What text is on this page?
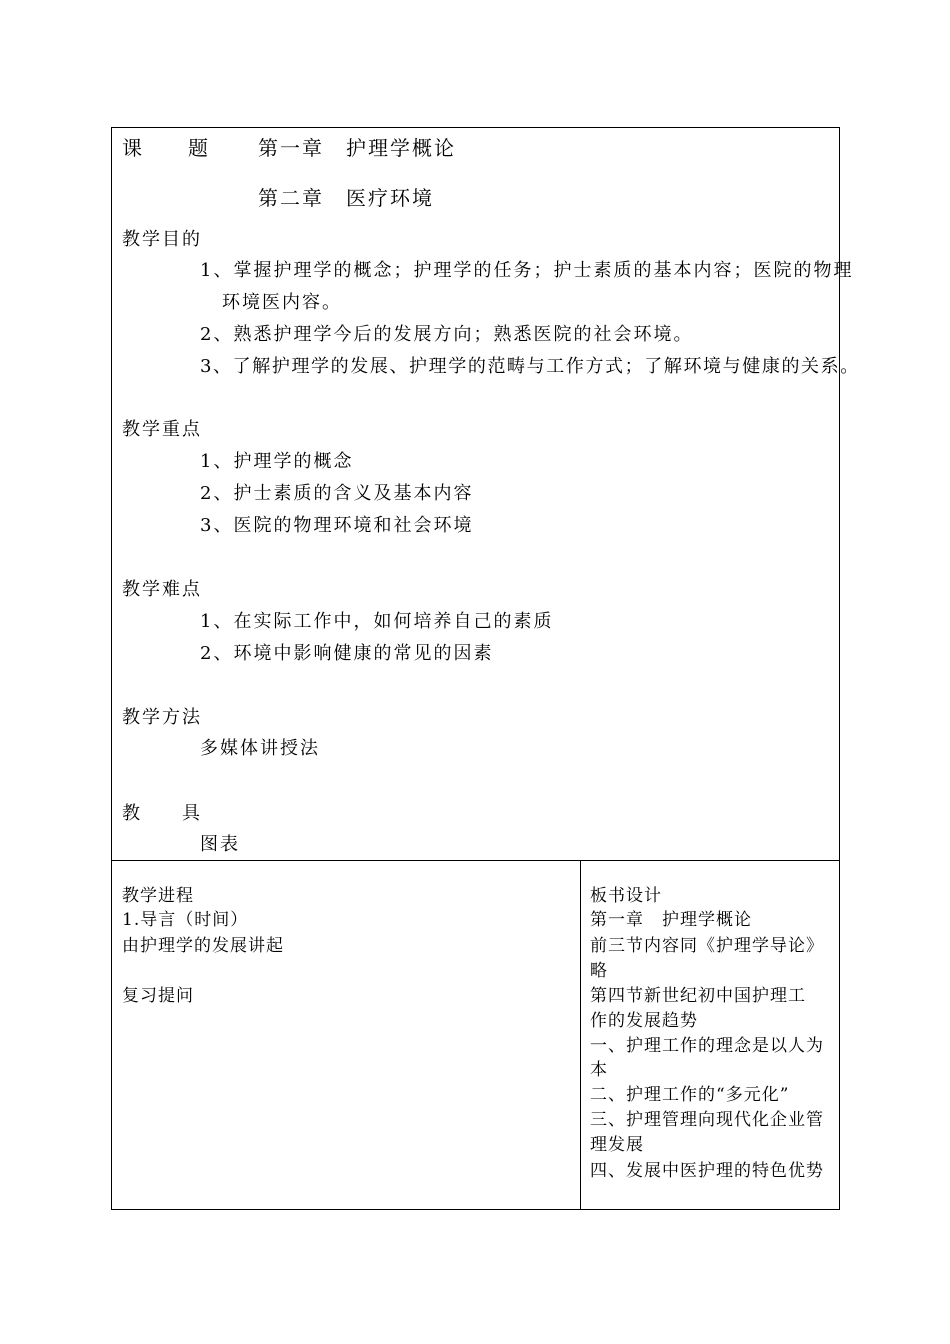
课　　题 第一章　护理学概论
第二章　医疗环境
教学目的
1、掌握护理学的概念；护理学的任务；护士素质的基本内容；医院的物理
环境医内容。
2、熟悉护理学今后的发展方向；熟悉医院的社会环境。
3、了解护理学的发展、护理学的范畴与工作方式；了解环境与健康的关系。
教学重点
1、护理学的概念
2、护士素质的含义及基本内容
3、医院的物理环境和社会环境
教学难点
1、在实际工作中，如何培养自己的素质
2、环境中影响健康的常见的因素
教学方法
多媒体讲授法
教　　具
图表
教学进程
1.导言（时间）
由护理学的发展讲起
复习提问
板书设计
第一章　护理学概论
前三节内容同《护理学导论》
略
第四节新世纪初中国护理工
作的发展趋势
一、护理工作的理念是以人为
本
二、护理工作的“多元化”
三、护理管理向现代化企业管
理发展
四、发展中医护理的特色优势
